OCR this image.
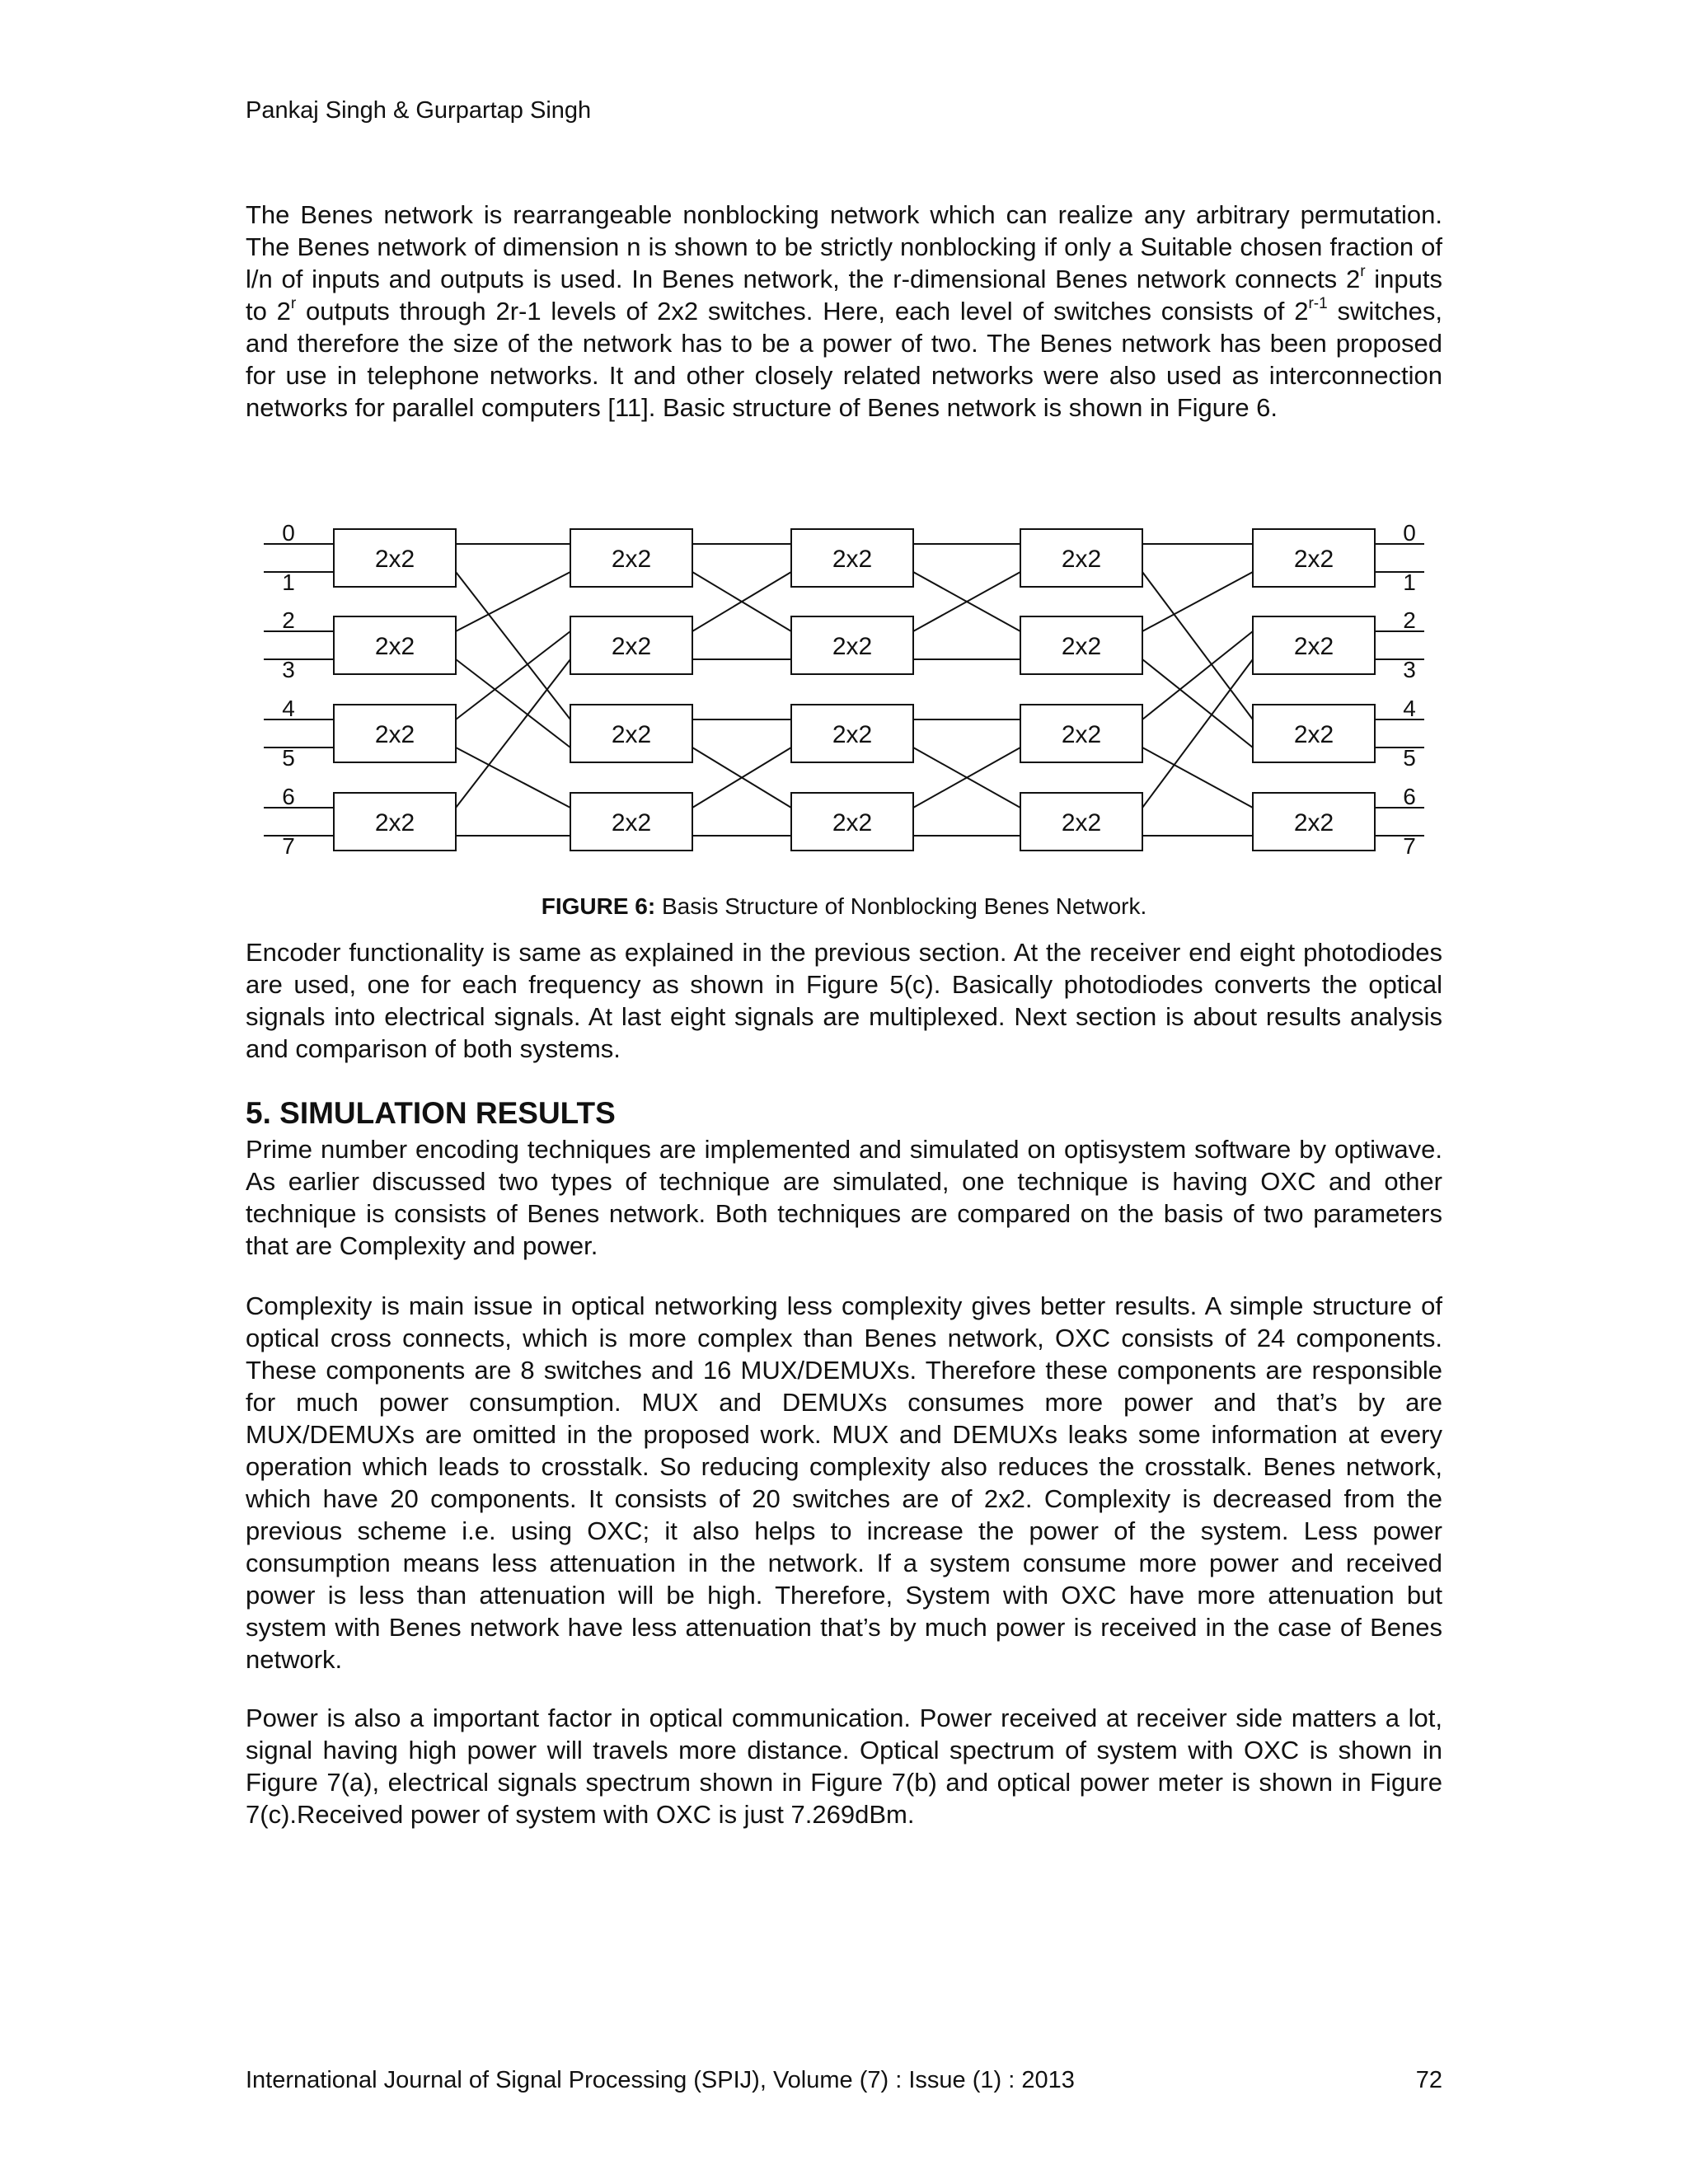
Pankaj Singh & Gurpartap Singh

The Benes network is rearrangeable nonblocking network which can realize any arbitrary permutation. The Benes network of dimension n is shown to be strictly nonblocking if only a Suitable chosen fraction of l/n of inputs and outputs is used. In Benes network, the r-dimensional Benes network connects 2$^r$ inputs to 2$^r$ outputs through 2r-1 levels of 2x2 switches. Here, each level of switches consists of 2$^{r-1}$ switches, and therefore the size of the network has to be a power of two. The Benes network has been proposed for use in telephone networks. It and other closely related networks were also used as interconnection networks for parallel computers [11]. Basic structure of Benes network is shown in Figure 6.

2x2
2x2
2x2
2x2
2x2
2x2
2x2
2x2
2x2
2x2
2x2
2x2
2x2
2x2
2x2
2x2
2x2
2x2
2x2
2x2
0	0
1	1
2	2
3	3
4	4
5	5
6	6
7	7
FIGURE 6: Basis Structure of Nonblocking Benes Network.

Encoder functionality is same as explained in the previous section. At the receiver end eight photodiodes are used, one for each frequency as shown in Figure 5(c). Basically photodiodes converts the optical signals into electrical signals. At last eight signals are multiplexed. Next section is about results analysis and comparison of both systems.

5. SIMULATION RESULTS

Prime number encoding techniques are implemented and simulated on optisystem software by optiwave. As earlier discussed two types of technique are simulated, one technique is having OXC and other technique is consists of Benes network. Both techniques are compared on the basis of two parameters that are Complexity and power.

Complexity is main issue in optical networking less complexity gives better results. A simple structure of optical cross connects, which is more complex than Benes network, OXC consists of 24 components. These components are 8 switches and 16 MUX/DEMUXs. Therefore these components are responsible for much power consumption. MUX and DEMUXs consumes more power and that’s by are MUX/DEMUXs are omitted in the proposed work. MUX and DEMUXs leaks some information at every operation which leads to crosstalk. So reducing complexity also reduces the crosstalk. Benes network, which have 20 components. It consists of 20 switches are of 2x2. Complexity is decreased from the previous scheme i.e. using OXC; it also helps to increase the power of the system. Less power consumption means less attenuation in the network. If a system consume more power and received power is less than attenuation will be high. Therefore, System with OXC have more attenuation but system with Benes network have less attenuation that’s by much power is received in the case of Benes network.

Power is also a important factor in optical communication. Power received at receiver side matters a lot, signal having high power will travels more distance. Optical spectrum of system with OXC is shown in Figure 7(a), electrical signals spectrum shown in Figure 7(b) and optical power meter is shown in Figure 7(c).Received power of system with OXC is just 7.269dBm.

International Journal of Signal Processing (SPIJ), Volume (7) : Issue (1) : 2013	72
